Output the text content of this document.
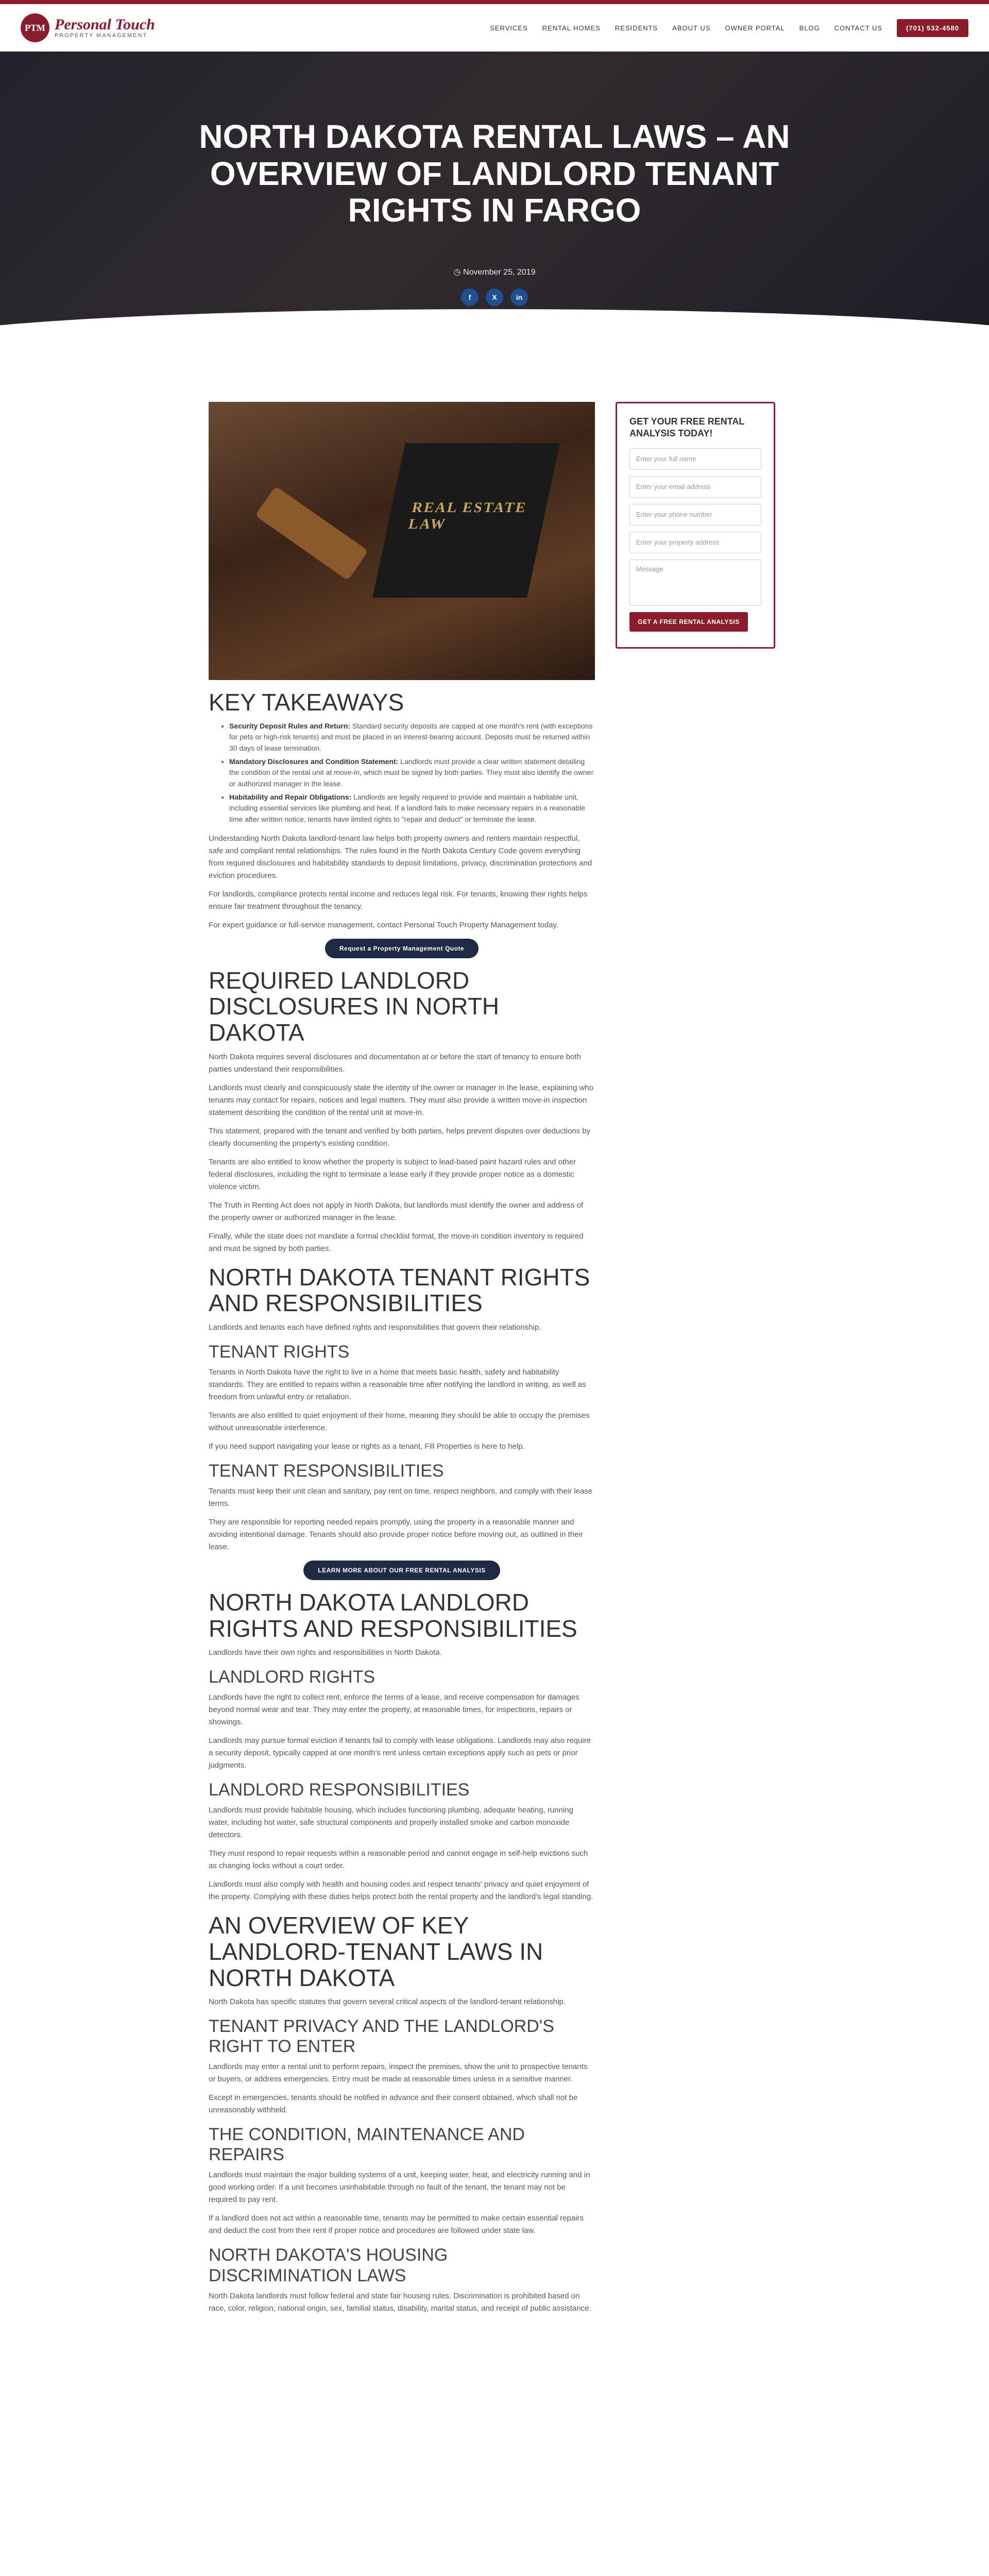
PTM Personal Touch
PROPERTY MANAGEMENT
SERVICES RENTAL HOMES RESIDENTS ABOUT US OWNER PORTAL BLOG CONTACT US	(701) 532-4580
NORTH DAKOTA RENTAL LAWS – AN OVERVIEW OF LANDLORD TENANT RIGHTS IN FARGO
◷ November 25, 2019
f	X	in
REAL ESTATE LAW
KEY TAKEAWAYS
• Security Deposit Rules and Return: Standard security deposits are capped at one month's rent (with exceptions for pets or high-risk tenants) and must be placed in an interest-bearing account. Deposits must be returned within 30 days of lease termination.
• Mandatory Disclosures and Condition Statement: Landlords must provide a clear written statement detailing the condition of the rental unit at move-in, which must be signed by both parties. They must also identify the owner or authorized manager in the lease.
• Habitability and Repair Obligations: Landlords are legally required to provide and maintain a habitable unit, including essential services like plumbing and heat. If a landlord fails to make necessary repairs in a reasonable time after written notice, tenants have limited rights to "repair and deduct" or terminate the lease.

Understanding North Dakota landlord-tenant law helps both property owners and renters maintain respectful, safe and compliant rental relationships. The rules found in the North Dakota Century Code govern everything from required disclosures and habitability standards to deposit limitations, privacy, discrimination protections and eviction procedures.

For landlords, compliance protects rental income and reduces legal risk. For tenants, knowing their rights helps ensure fair treatment throughout the tenancy.

For expert guidance or full-service management, contact Personal Touch Property Management today.

Request a Property Management Quote
REQUIRED LANDLORD DISCLOSURES IN NORTH DAKOTA

North Dakota requires several disclosures and documentation at or before the start of tenancy to ensure both parties understand their responsibilities.

Landlords must clearly and conspicuously state the identity of the owner or manager in the lease, explaining who tenants may contact for repairs, notices and legal matters. They must also provide a written move-in inspection statement describing the condition of the rental unit at move-in.

This statement, prepared with the tenant and verified by both parties, helps prevent disputes over deductions by clearly documenting the property's existing condition.

Tenants are also entitled to know whether the property is subject to lead-based paint hazard rules and other federal disclosures, including the right to terminate a lease early if they provide proper notice as a domestic violence victim.

The Truth in Renting Act does not apply in North Dakota, but landlords must identify the owner and address of the property owner or authorized manager in the lease.

Finally, while the state does not mandate a formal checklist format, the move-in condition inventory is required and must be signed by both parties.

NORTH DAKOTA TENANT RIGHTS AND RESPONSIBILITIES

Landlords and tenants each have defined rights and responsibilities that govern their relationship.

TENANT RIGHTS

Tenants in North Dakota have the right to live in a home that meets basic health, safety and habitability standards. They are entitled to repairs within a reasonable time after notifying the landlord in writing, as well as freedom from unlawful entry or retaliation.

Tenants are also entitled to quiet enjoyment of their home, meaning they should be able to occupy the premises without unreasonable interference.

If you need support navigating your lease or rights as a tenant, Fill Properties is here to help.

TENANT RESPONSIBILITIES

Tenants must keep their unit clean and sanitary, pay rent on time, respect neighbors, and comply with their lease terms.

They are responsible for reporting needed repairs promptly, using the property in a reasonable manner and avoiding intentional damage. Tenants should also provide proper notice before moving out, as outlined in their lease.

LEARN MORE ABOUT OUR FREE RENTAL ANALYSIS
NORTH DAKOTA LANDLORD RIGHTS AND RESPONSIBILITIES

Landlords have their own rights and responsibilities in North Dakota.

LANDLORD RIGHTS

Landlords have the right to collect rent, enforce the terms of a lease, and receive compensation for damages beyond normal wear and tear. They may enter the property, at reasonable times, for inspections, repairs or showings.

Landlords may pursue formal eviction if tenants fail to comply with lease obligations. Landlords may also require a security deposit, typically capped at one month's rent unless certain exceptions apply such as pets or prior judgments.

LANDLORD RESPONSIBILITIES

Landlords must provide habitable housing, which includes functioning plumbing, adequate heating, running water, including hot water, safe structural components and properly installed smoke and carbon monoxide detectors.

They must respond to repair requests within a reasonable period and cannot engage in self-help evictions such as changing locks without a court order.

Landlords must also comply with health and housing codes and respect tenants' privacy and quiet enjoyment of the property. Complying with these duties helps protect both the rental property and the landlord's legal standing.

AN OVERVIEW OF KEY LANDLORD-TENANT LAWS IN NORTH DAKOTA

North Dakota has specific statutes that govern several critical aspects of the landlord-tenant relationship.

TENANT PRIVACY AND THE LANDLORD'S RIGHT TO ENTER

Landlords may enter a rental unit to perform repairs, inspect the premises, show the unit to prospective tenants or buyers, or address emergencies. Entry must be made at reasonable times unless in a sensitive manner.

Except in emergencies, tenants should be notified in advance and their consent obtained, which shall not be unreasonably withheld.

THE CONDITION, MAINTENANCE AND REPAIRS

Landlords must maintain the major building systems of a unit, keeping water, heat, and electricity running and in good working order. If a unit becomes uninhabitable through no fault of the tenant, the tenant may not be required to pay rent.

If a landlord does not act within a reasonable time, tenants may be permitted to make certain essential repairs and deduct the cost from their rent if proper notice and procedures are followed under state law.

NORTH DAKOTA'S HOUSING DISCRIMINATION LAWS

North Dakota landlords must follow federal and state fair housing rules. Discrimination is prohibited based on race, color, religion, national origin, sex, familial status, disability, marital status, and receipt of public assistance.

GET YOUR FREE RENTAL ANALYSIS TODAY!
Enter your full name
Enter your email address
Enter your phone number
Enter your property address
Message
GET A FREE RENTAL ANALYSIS
